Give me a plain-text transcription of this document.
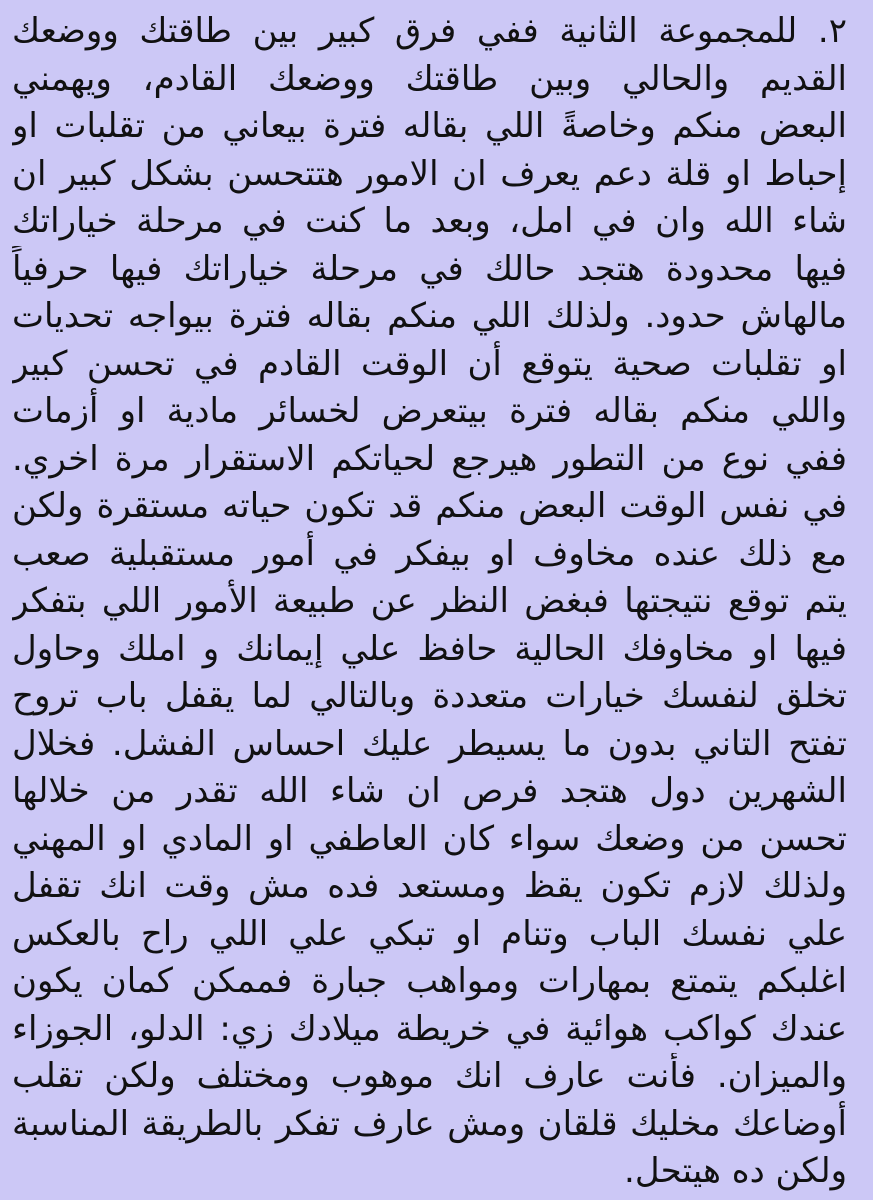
٢. للمجموعة الثانية ففي فرق كبير بين طاقتك ووضعك
القديم والحالي وبين طاقتك ووضعك القادم، ويهمني
البعض منكم وخاصةً اللي بقاله فترة بيعاني من تقلبات او
إحباط او قلة دعم يعرف ان الامور هتتحسن بشكل كبير ان
شاء الله وان في امل، وبعد ما كنت في مرحلة خياراتك
فيها محدودة هتجد حالك في مرحلة خياراتك فيها حرفياً
مالهاش حدود. ولذلك اللي منكم بقاله فترة بيواجه تحديات
او تقلبات صحية يتوقع أن الوقت القادم في تحسن كبير
واللي منكم بقاله فترة بيتعرض لخسائر مادية او أزمات
ففي نوع من التطور هيرجع لحياتكم الاستقرار مرة اخري.
في نفس الوقت البعض منكم قد تكون حياته مستقرة ولكن
مع ذلك عنده مخاوف او بيفكر في أمور مستقبلية صعب
يتم توقع نتيجتها فبغض النظر عن طبيعة الأمور اللي بتفكر
فيها او مخاوفك الحالية حافظ علي إيمانك و املك وحاول
تخلق لنفسك خيارات متعددة وبالتالي لما يقفل باب تروح
تفتح التاني بدون ما يسيطر عليك احساس الفشل. فخلال
الشهرين دول هتجد فرص ان شاء الله تقدر من خلالها
تحسن من وضعك سواء كان العاطفي او المادي او المهني
ولذلك لازم تكون يقظ ومستعد فده مش وقت انك تقفل
علي نفسك الباب وتنام او تبكي علي اللي راح بالعكس
اغلبكم يتمتع بمهارات ومواهب جبارة فممكن كمان يكون
عندك كواكب هوائية في خريطة ميلادك زي: الدلو، الجوزاء
والميزان. فأنت عارف انك موهوب ومختلف ولكن تقلب
أوضاعك مخليك قلقان ومش عارف تفكر بالطريقة المناسبة
ولكن ده هيتحل.
